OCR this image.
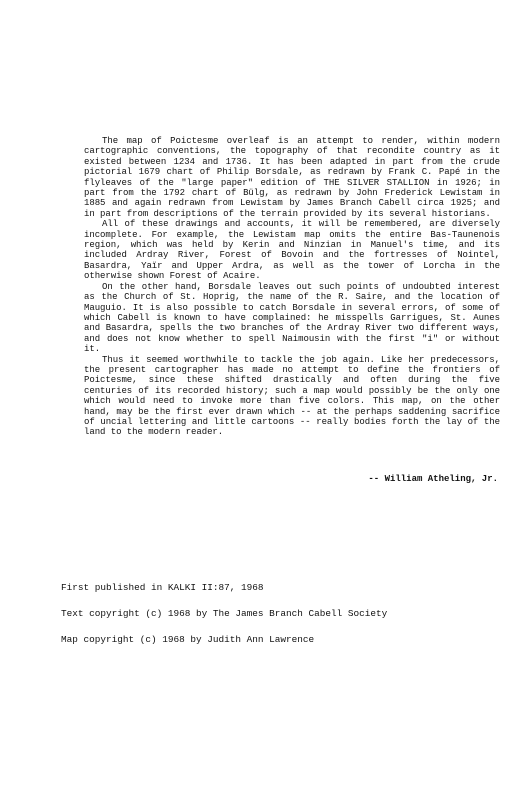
The map of Poictesme overleaf is an attempt to render, within modern cartographic conventions, the topography of that recondite country as it existed between 1234 and 1736. It has been adapted in part from the crude pictorial 1679 chart of Philip Borsdale, as redrawn by Frank C. Papé in the flyleaves of the "large paper" edition of THE SILVER STALLION in 1926; in part from the 1792 chart of Bülg, as redrawn by John Frederick Lewistam in 1885 and again redrawn from Lewistam by James Branch Cabell circa 1925; and in part from descriptions of the terrain provided by its several historians.

All of these drawings and accounts, it will be remembered, are diversely incomplete. For example, the Lewistam map omits the entire Bas-Taunenois region, which was held by Kerin and Ninzian in Manuel's time, and its included Ardray River, Forest of Bovoin and the fortresses of Nointel, Basardra, Yaïr and Upper Ardra, as well as the tower of Lorcha in the otherwise shown Forest of Acaire.

On the other hand, Borsdale leaves out such points of undoubted interest as the Church of St. Hoprig, the name of the R. Saire, and the location of Mauguio. It is also possible to catch Borsdale in several errors, of some of which Cabell is known to have complained: he misspells Garrigues, St. Aunes and Basardra, spells the two branches of the Ardray River two different ways, and does not know whether to spell Naimousin with the first "i" or without it.

Thus it seemed worthwhile to tackle the job again. Like her predecessors, the present cartographer has made no attempt to define the frontiers of Poictesme, since these shifted drastically and often during the five centuries of its recorded history; such a map would possibly be the only one which would need to invoke more than five colors. This map, on the other hand, may be the first ever drawn which -- at the perhaps saddening sacrifice of uncial lettering and little cartoons -- really bodies forth the lay of the land to the modern reader.

-- William Atheling, Jr.

First published in KALKI II:87, 1968

Text copyright (c) 1968 by The James Branch Cabell Society

Map copyright (c) 1968 by Judith Ann Lawrence
